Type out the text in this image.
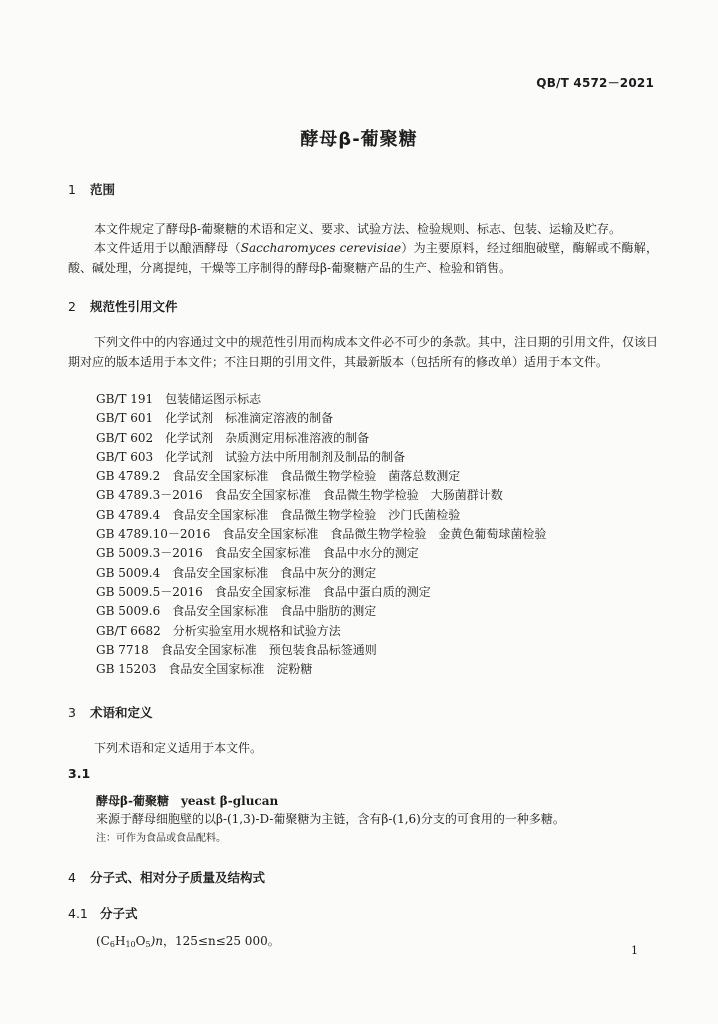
QB/T 4572－2021
酵母β-葡聚糖
1 范围
本文件规定了酵母β-葡聚糖的术语和定义、要求、试验方法、检验规则、标志、包装、运输及贮存。
本文件适用于以酿酒酵母（Saccharomyces cerevisiae）为主要原料，经过细胞破壁，酶解或不酶解，酸、碱处理，分离提纯，干燥等工序制得的酵母β-葡聚糖产品的生产、检验和销售。
2 规范性引用文件
下列文件中的内容通过文中的规范性引用而构成本文件必不可少的条款。其中，注日期的引用文件，仅该日期对应的版本适用于本文件；不注日期的引用文件，其最新版本（包括所有的修改单）适用于本文件。
GB/T 191　包装储运图示标志
GB/T 601　化学试剂　标准滴定溶液的制备
GB/T 602　化学试剂　杂质测定用标准溶液的制备
GB/T 603　化学试剂　试验方法中所用制剂及制品的制备
GB 4789.2　食品安全国家标准　食品微生物学检验　菌落总数测定
GB 4789.3－2016　食品安全国家标准　食品微生物学检验　大肠菌群计数
GB 4789.4　食品安全国家标准　食品微生物学检验　沙门氏菌检验
GB 4789.10－2016　食品安全国家标准　食品微生物学检验　金黄色葡萄球菌检验
GB 5009.3－2016　食品安全国家标准　食品中水分的测定
GB 5009.4　食品安全国家标准　食品中灰分的测定
GB 5009.5－2016　食品安全国家标准　食品中蛋白质的测定
GB 5009.6　食品安全国家标准　食品中脂肪的测定
GB/T 6682　分析实验室用水规格和试验方法
GB 7718　食品安全国家标准　预包装食品标签通则
GB 15203　食品安全国家标准　淀粉糖
3 术语和定义
下列术语和定义适用于本文件。
3.1
酵母β-葡聚糖　yeast β-glucan
来源于酵母细胞壁的以β-(1,3)-D-葡聚糖为主链，含有β-(1,6)分支的可食用的一种多糖。
注：可作为食品或食品配料。
4 分子式、相对分子质量及结构式
4.1 分子式
$(C_6H_{10}O_5)n$，125≤n≤25 000。
1
